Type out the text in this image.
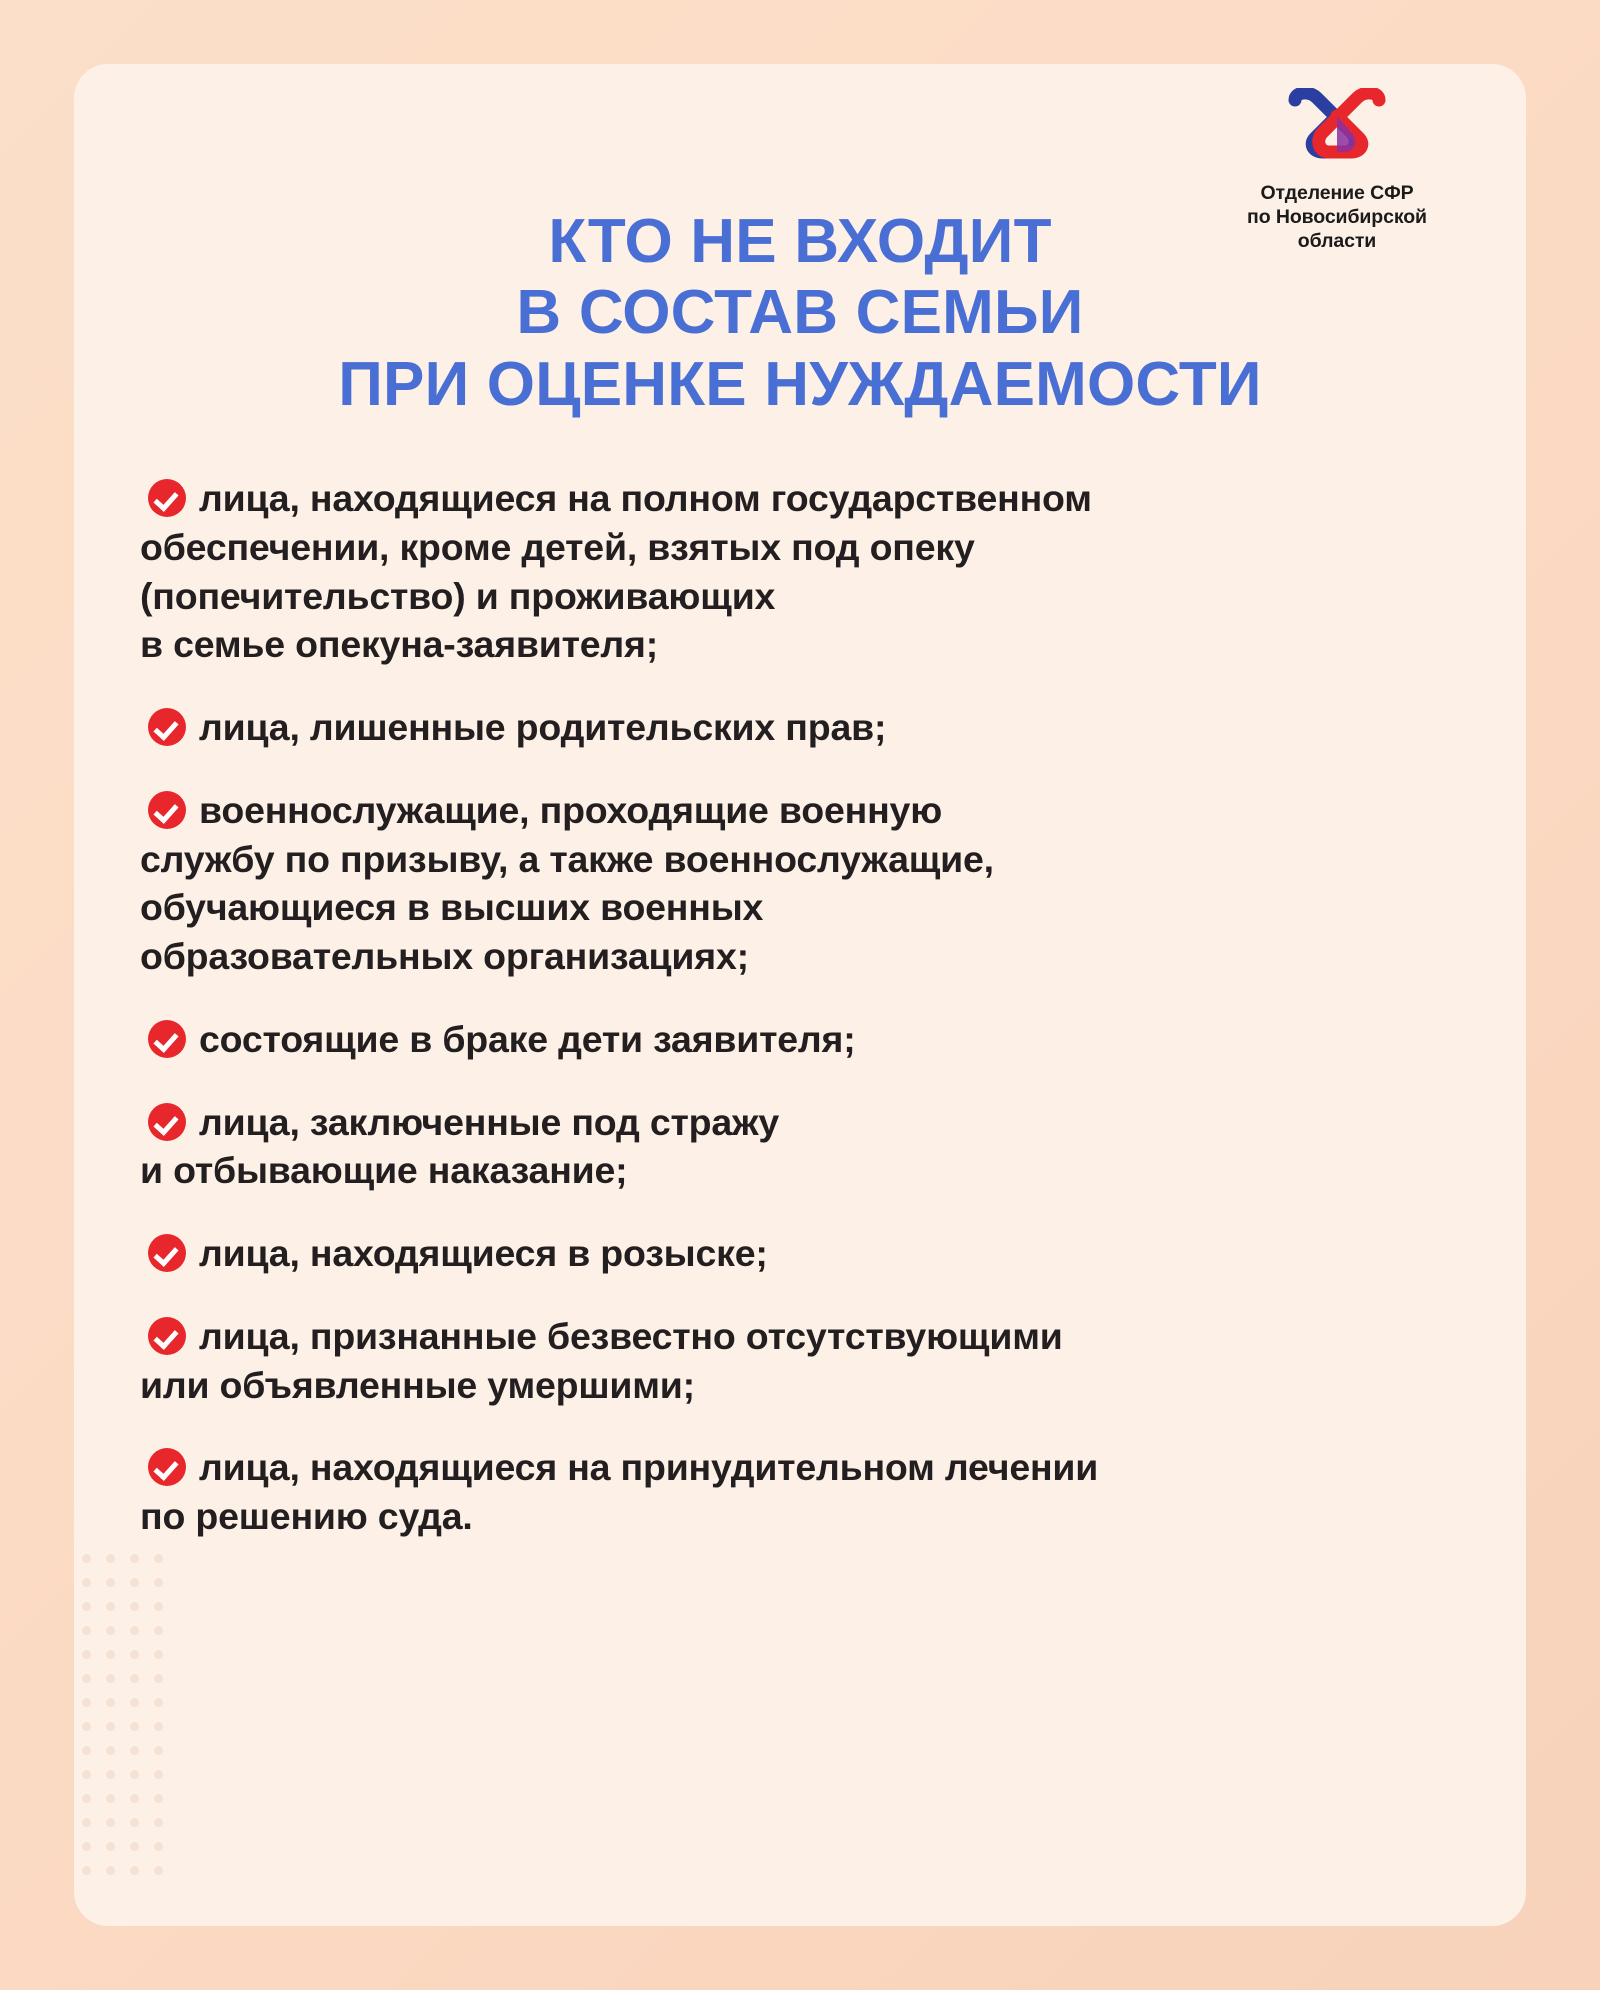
Отделение СФР
по Новосибирской
области
КТО НЕ ВХОДИТ
В СОСТАВ СЕМЬИ
ПРИ ОЦЕНКЕ НУЖДАЕМОСТИ
лица, находящиеся на полном государственном
обеспечении, кроме детей, взятых под опеку
(попечительство) и проживающих
в семье опекуна-заявителя;
лица, лишенные родительских прав;
военнослужащие, проходящие военную
службу по призыву, а также военнослужащие,
обучающиеся в высших военных
образовательных организациях;
состоящие в браке дети заявителя;
лица, заключенные под стражу
и отбывающие наказание;
лица, находящиеся в розыске;
лица, признанные безвестно отсутствующими
или объявленные умершими;
лица, находящиеся на принудительном лечении
по решению суда.
